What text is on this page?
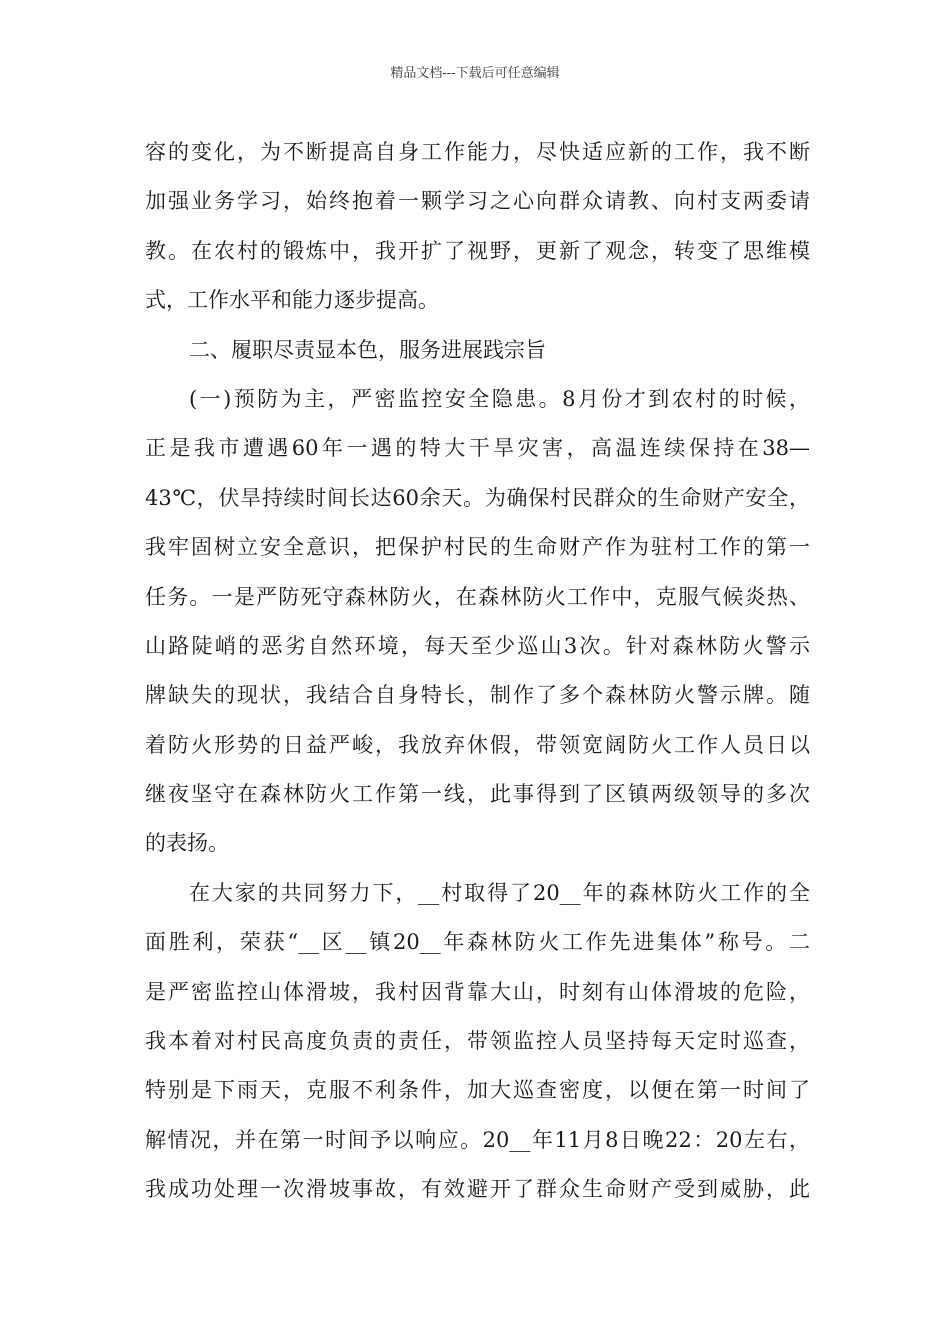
精品文档---下载后可任意编辑
容的变化，为不断提高自身工作能力，尽快适应新的工作，我不断
加强业务学习，始终抱着一颗学习之心向群众请教、向村支两委请
教。在农村的锻炼中，我开扩了视野，更新了观念，转变了思维模
式，工作水平和能力逐步提高。
二、履职尽责显本色，服务进展践宗旨
(一)预防为主，严密监控安全隐患。8月份才到农村的时候，
正是我市遭遇60年一遇的特大干旱灾害，高温连续保持在38—
43℃，伏旱持续时间长达60余天。为确保村民群众的生命财产安全，
我牢固树立安全意识，把保护村民的生命财产作为驻村工作的第一
任务。一是严防死守森林防火，在森林防火工作中，克服气候炎热、
山路陡峭的恶劣自然环境，每天至少巡山3次。针对森林防火警示
牌缺失的现状，我结合自身特长，制作了多个森林防火警示牌。随
着防火形势的日益严峻，我放弃休假，带领宽阔防火工作人员日以
继夜坚守在森林防火工作第一线，此事得到了区镇两级领导的多次
的表扬。
在大家的共同努力下，__村取得了20__年的森林防火工作的全
面胜利，荣获“__区__镇20__年森林防火工作先进集体”称号。二
是严密监控山体滑坡，我村因背靠大山，时刻有山体滑坡的危险，
我本着对村民高度负责的责任，带领监控人员坚持每天定时巡查，
特别是下雨天，克服不利条件，加大巡查密度，以便在第一时间了
解情况，并在第一时间予以响应。20__年11月8日晚22：20左右，
我成功处理一次滑坡事故，有效避开了群众生命财产受到威胁，此
